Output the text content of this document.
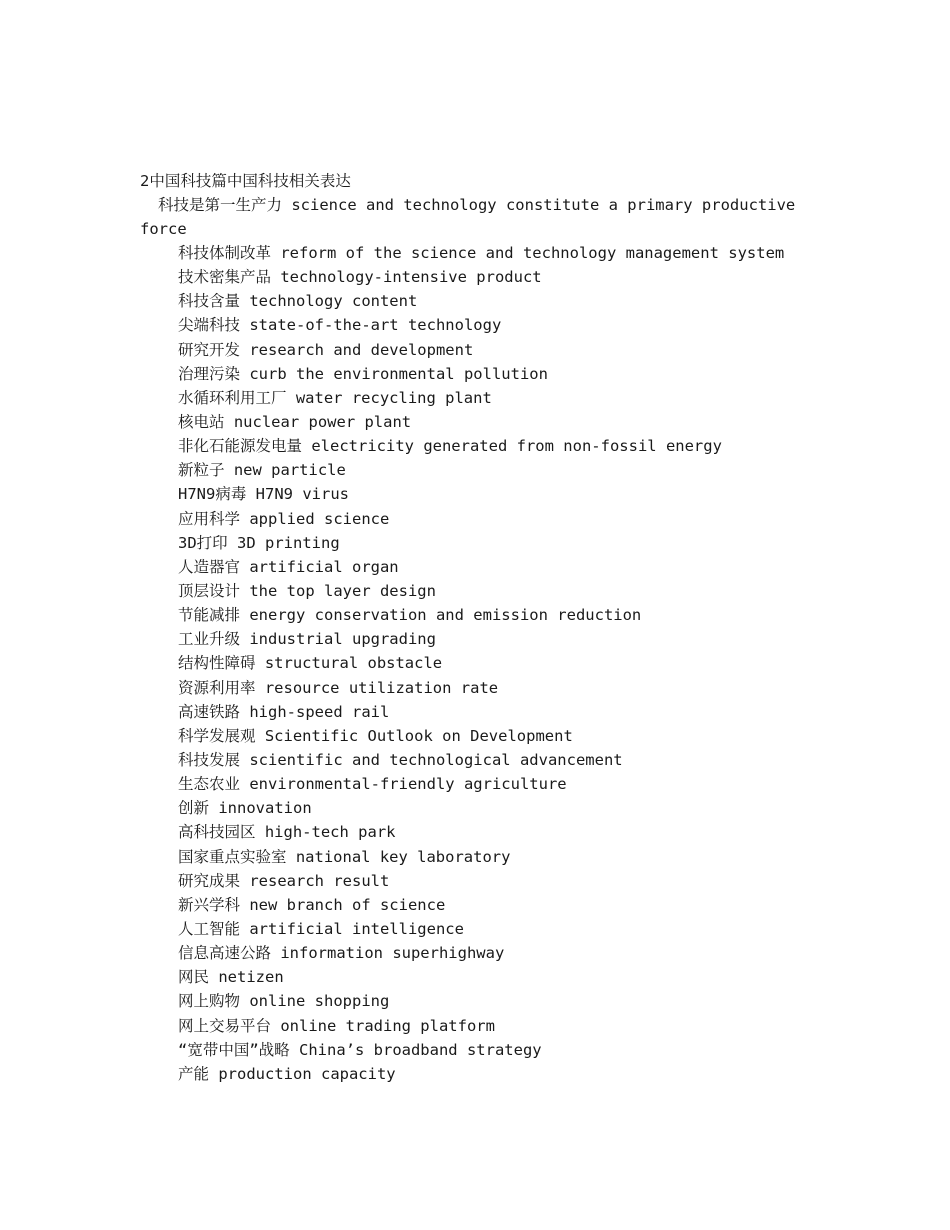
2中国科技篇中国科技相关表达

科技是第一生产力 science and technology constitute a primary productive force

科技体制改革 reform of the science and technology management system
技术密集产品 technology-intensive product
科技含量 technology content
尖端科技 state-of-the-art technology
研究开发 research and development
治理污染 curb the environmental pollution
水循环利用工厂 water recycling plant
核电站 nuclear power plant
非化石能源发电量 electricity generated from non-fossil energy
新粒子 new particle
H7N9病毒 H7N9 virus
应用科学 applied science
3D打印 3D printing
人造器官 artificial organ
顶层设计 the top layer design
节能减排 energy conservation and emission reduction
工业升级 industrial upgrading
结构性障碍 structural obstacle
资源利用率 resource utilization rate
高速铁路 high-speed rail
科学发展观 Scientific Outlook on Development
科技发展 scientific and technological advancement
生态农业 environmental-friendly agriculture
创新 innovation
高科技园区 high-tech park
国家重点实验室 national key laboratory
研究成果 research result
新兴学科 new branch of science
人工智能 artificial intelligence
信息高速公路 information superhighway
网民 netizen
网上购物 online shopping
网上交易平台 online trading platform
“宽带中国”战略 China’s broadband strategy
产能 production capacity
